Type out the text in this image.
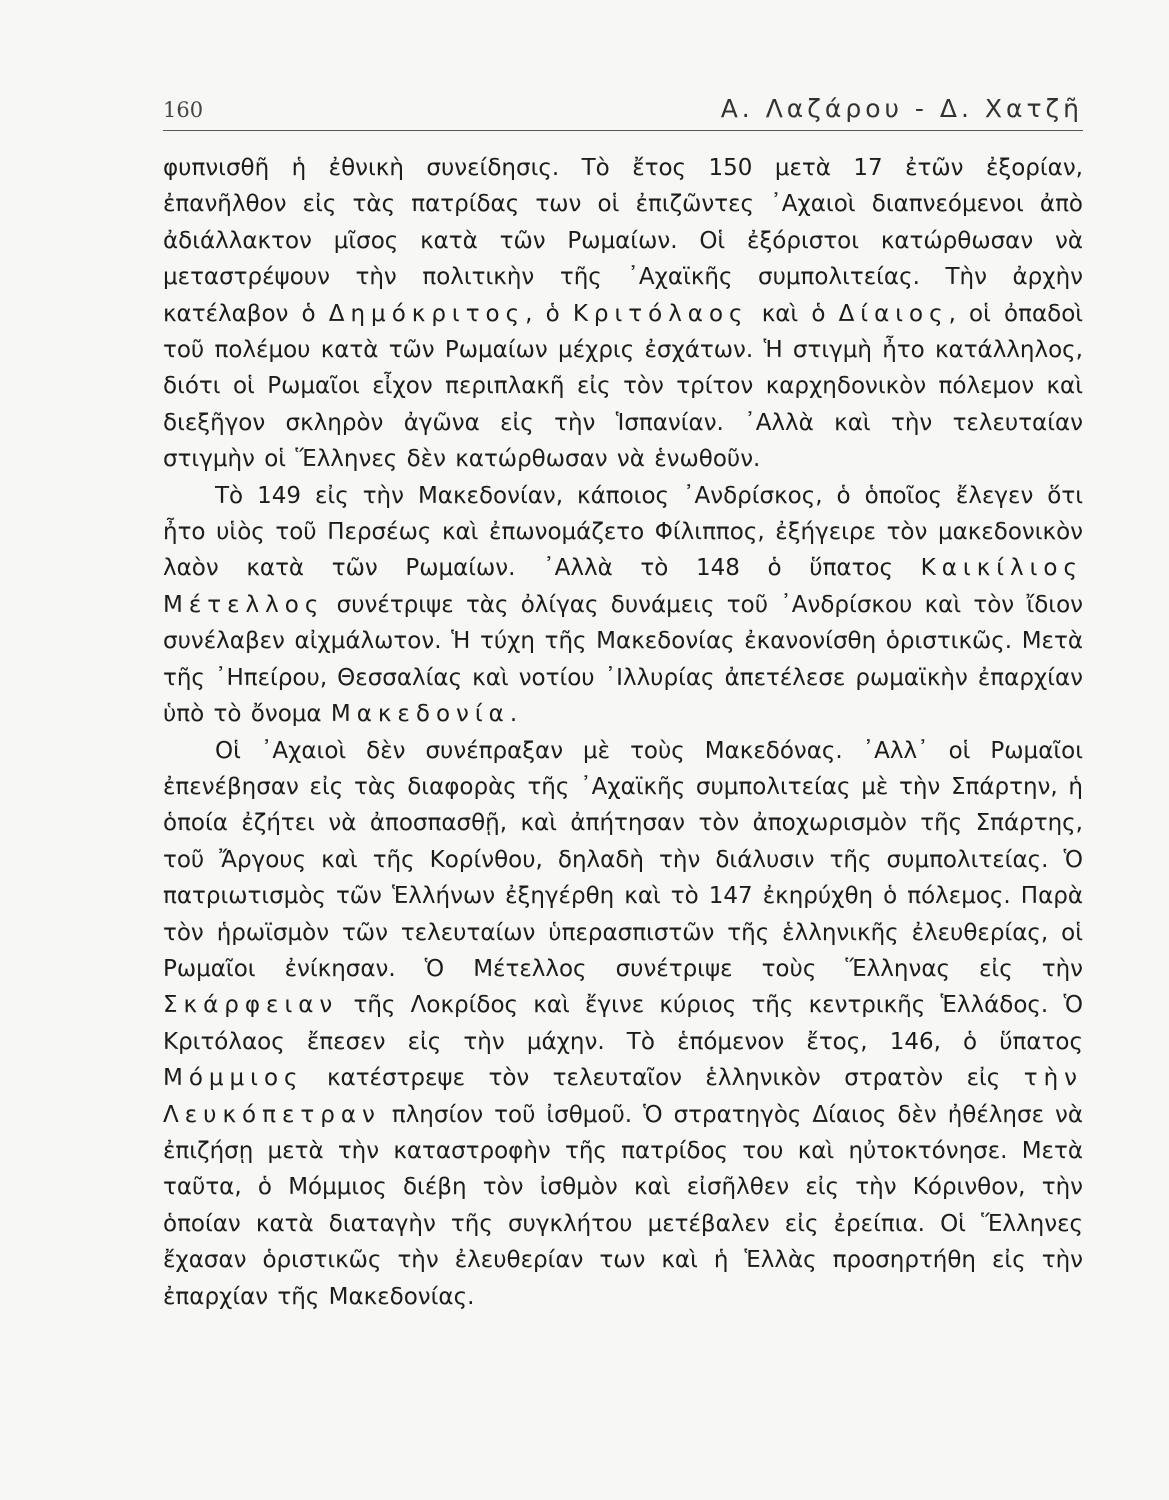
160	Α. Λαζάρου - Δ. Χατζῆ

φυπνισθῆ ἡ ἐθνικὴ συνείδησις. Τὸ ἔτος 150 μετὰ 17 ἐτῶν ἐξορίαν, ἐπανῆλθον εἰς τὰς πατρίδας των οἱ ἐπιζῶντες ᾿Αχαιοὶ διαπνεόμενοι ἀπὸ ἀδιάλλακτον μῖσος κατὰ τῶν Ρωμαίων. Οἱ ἐξόριστοι κατώρθωσαν νὰ μεταστρέψουν τὴν πολιτικὴν τῆς ᾿Αχαϊκῆς συμπολιτείας. Τὴν ἀρχὴν κατέλαβον ὁ Δημόκριτος, ὁ Κριτόλαος καὶ ὁ Δίαιος, οἱ ὀπαδοὶ τοῦ πολέμου κατὰ τῶν Ρωμαίων μέχρις ἐσχάτων. Ἡ στιγμὴ ἦτο κατάλληλος, διότι οἱ Ρωμαῖοι εἶχον περιπλακῆ εἰς τὸν τρίτον καρχηδονικὸν πόλεμον καὶ διεξῆγον σκληρὸν ἀγῶνα εἰς τὴν Ἱσπανίαν. ᾿Αλλὰ καὶ τὴν τελευταίαν στιγμὴν οἱ Ἕλληνες δὲν κατώρθωσαν νὰ ἑνωθοῦν.

Τὸ 149 εἰς τὴν Μακεδονίαν, κάποιος ᾿Ανδρίσκος, ὁ ὁποῖος ἔλεγεν ὅτι ἦτο υἱὸς τοῦ Περσέως καὶ ἐπωνομάζετο Φίλιππος, ἐξήγειρε τὸν μακεδονικὸν λαὸν κατὰ τῶν Ρωμαίων. ᾿Αλλὰ τὸ 148 ὁ ὕπατος Καικίλιος Μέτελλος συνέτριψε τὰς ὀλίγας δυνάμεις τοῦ ᾿Ανδρίσκου καὶ τὸν ἴδιον συνέλαβεν αἰχμάλωτον. Ἡ τύχη τῆς Μακεδονίας ἐκανονίσθη ὁριστικῶς. Μετὰ τῆς ᾿Ηπείρου, Θεσσαλίας καὶ νοτίου ᾿Ιλλυρίας ἀπετέλεσε ρωμαϊκὴν ἐπαρχίαν ὑπὸ τὸ ὄνομα Μακεδονία.

Οἱ ᾿Αχαιοὶ δὲν συνέπραξαν μὲ τοὺς Μακεδόνας. ᾿Αλλ᾿ οἱ Ρωμαῖοι ἐπενέβησαν εἰς τὰς διαφορὰς τῆς ᾿Αχαϊκῆς συμπολιτείας μὲ τὴν Σπάρτην, ἡ ὁποία ἐζήτει νὰ ἀποσπασθῇ, καὶ ἀπήτησαν τὸν ἀποχωρισμὸν τῆς Σπάρτης, τοῦ Ἄργους καὶ τῆς Κορίνθου, δηλαδὴ τὴν διάλυσιν τῆς συμπολιτείας. Ὁ πατριωτισμὸς τῶν Ἑλλήνων ἐξηγέρθη καὶ τὸ 147 ἐκηρύχθη ὁ πόλεμος. Παρὰ τὸν ἡρωϊσμὸν τῶν τελευταίων ὑπερασπιστῶν τῆς ἑλληνικῆς ἐλευθερίας, οἱ Ρωμαῖοι ἐνίκησαν. Ὁ Μέτελλος συνέτριψε τοὺς Ἕλληνας εἰς τὴν Σκάρφειαν τῆς Λοκρίδος καὶ ἔγινε κύριος τῆς κεντρικῆς Ἑλλάδος. Ὁ Κριτόλαος ἔπεσεν εἰς τὴν μάχην. Τὸ ἑπόμενον ἔτος, 146, ὁ ὕπατος Μόμμιος κατέστρεψε τὸν τελευταῖον ἑλληνικὸν στρατὸν εἰς τὴν Λευκόπετραν πλησίον τοῦ ἰσθμοῦ. Ὁ στρατηγὸς Δίαιος δὲν ἠθέλησε νὰ ἐπιζήσῃ μετὰ τὴν καταστροφὴν τῆς πατρίδος του καὶ ηὐτοκτόνησε. Μετὰ ταῦτα, ὁ Μόμμιος διέβη τὸν ἰσθμὸν καὶ εἰσῆλθεν εἰς τὴν Κόρινθον, τὴν ὁποίαν κατὰ διαταγὴν τῆς συγκλήτου μετέβαλεν εἰς ἐρείπια. Οἱ Ἕλληνες ἔχασαν ὁριστικῶς τὴν ἐλευθερίαν των καὶ ἡ Ἑλλὰς προσηρτήθη εἰς τὴν ἐπαρχίαν τῆς Μακεδονίας.
